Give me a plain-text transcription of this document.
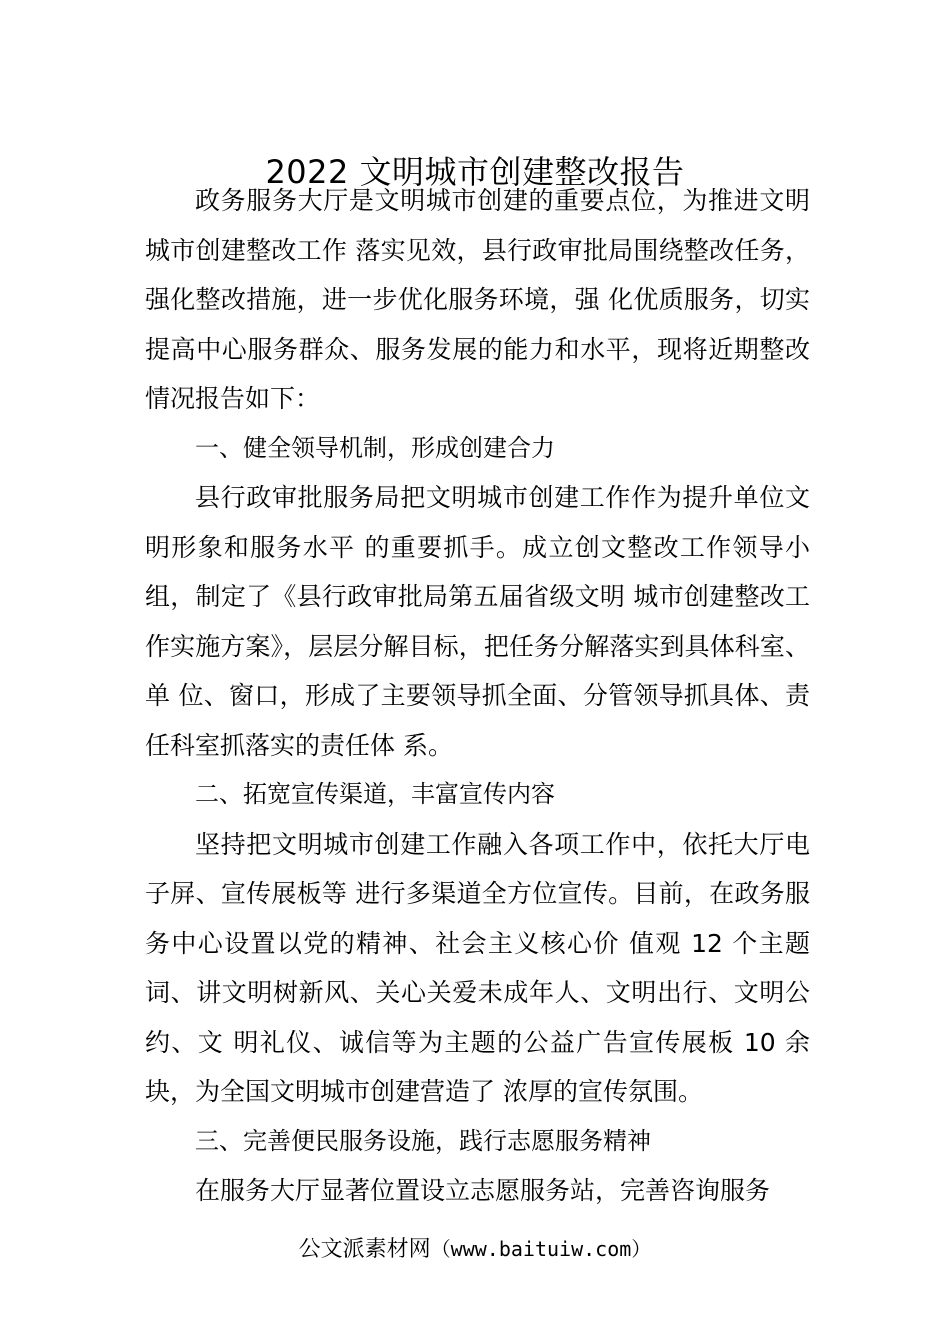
2022 文明城市创建整改报告

政务服务大厅是文明城市创建的重要点位，为推进文明城市创建整改工作 落实见效，县行政审批局围绕整改任务，强化整改措施，进一步优化服务环境，强 化优质服务，切实提高中心服务群众、服务发展的能力和水平，现将近期整改情况报告如下：

一、健全领导机制，形成创建合力

县行政审批服务局把文明城市创建工作作为提升单位文明形象和服务水平 的重要抓手。成立创文整改工作领导小组，制定了《县行政审批局第五届省级文明 城市创建整改工作实施方案》，层层分解目标，把任务分解落实到具体科室、单 位、窗口，形成了主要领导抓全面、分管领导抓具体、责任科室抓落实的责任体 系。

二、拓宽宣传渠道，丰富宣传内容

坚持把文明城市创建工作融入各项工作中，依托大厅电子屏、宣传展板等 进行多渠道全方位宣传。目前，在政务服务中心设置以党的精神、社会主义核心价 值观 12 个主题词、讲文明树新风、关心关爱未成年人、文明出行、文明公约、文 明礼仪、诚信等为主题的公益广告宣传展板 10 余块，为全国文明城市创建营造了 浓厚的宣传氛围。

三、完善便民服务设施，践行志愿服务精神

在服务大厅显著位置设立志愿服务站，完善咨询服务

公文派素材网（www.baituiw.com）
